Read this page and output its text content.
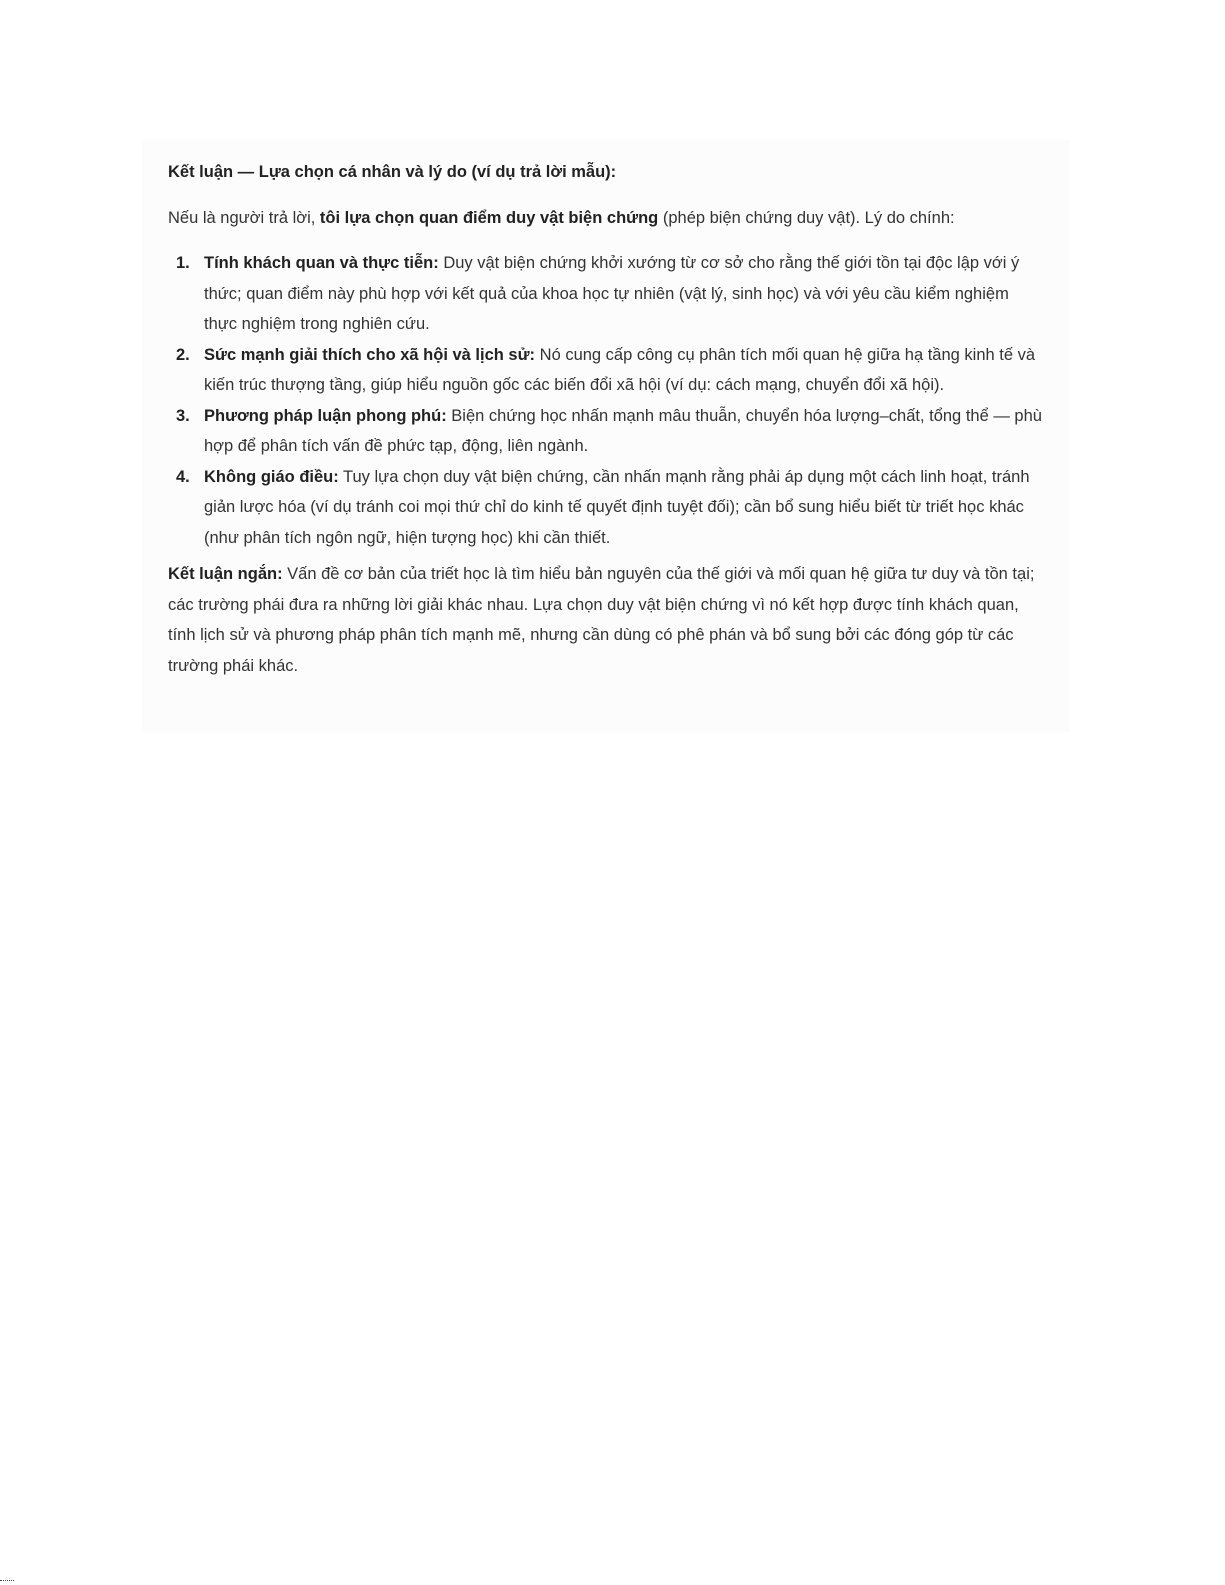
Kết luận — Lựa chọn cá nhân và lý do (ví dụ trả lời mẫu):

Nếu là người trả lời, tôi lựa chọn quan điểm duy vật biện chứng (phép biện chứng duy vật). Lý do chính:

1. Tính khách quan và thực tiễn: Duy vật biện chứng khởi xướng từ cơ sở cho rằng thế giới tồn tại độc lập với ý thức; quan điểm này phù hợp với kết quả của khoa học tự nhiên (vật lý, sinh học) và với yêu cầu kiểm nghiệm thực nghiệm trong nghiên cứu.
2. Sức mạnh giải thích cho xã hội và lịch sử: Nó cung cấp công cụ phân tích mối quan hệ giữa hạ tầng kinh tế và kiến trúc thượng tầng, giúp hiểu nguồn gốc các biến đổi xã hội (ví dụ: cách mạng, chuyển đổi xã hội).
3. Phương pháp luận phong phú: Biện chứng học nhấn mạnh mâu thuẫn, chuyển hóa lượng–chất, tổng thể — phù hợp để phân tích vấn đề phức tạp, động, liên ngành.
4. Không giáo điều: Tuy lựa chọn duy vật biện chứng, cần nhấn mạnh rằng phải áp dụng một cách linh hoạt, tránh giản lược hóa (ví dụ tránh coi mọi thứ chỉ do kinh tế quyết định tuyệt đối); cần bổ sung hiểu biết từ triết học khác (như phân tích ngôn ngữ, hiện tượng học) khi cần thiết.

Kết luận ngắn: Vấn đề cơ bản của triết học là tìm hiểu bản nguyên của thế giới và mối quan hệ giữa tư duy và tồn tại; các trường phái đưa ra những lời giải khác nhau. Lựa chọn duy vật biện chứng vì nó kết hợp được tính khách quan, tính lịch sử và phương pháp phân tích mạnh mẽ, nhưng cần dùng có phê phán và bổ sung bởi các đóng góp từ các trường phái khác.
